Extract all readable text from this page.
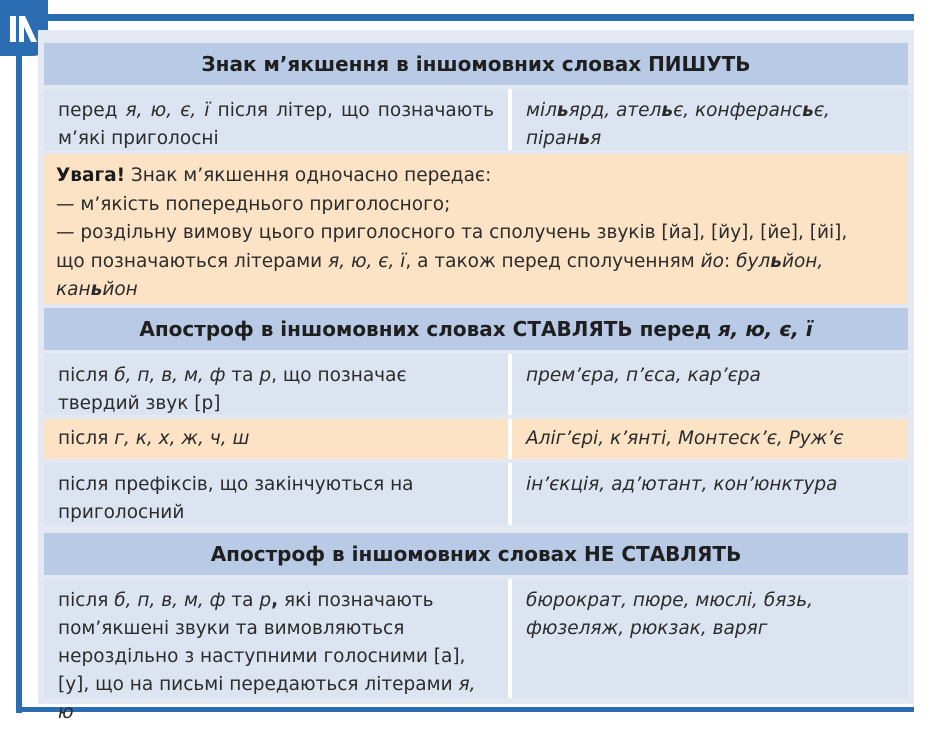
Знак м’якшення в іншомовних словах ПИШУТЬ
перед я, ю, є, ї після літер, що позначають м’які приголосні
мільярд, ательє, конферансьє,
піранья
Увага! Знак м’якшення одночасно передає:
— м’якість попереднього приголосного;
— роздільну вимову цього приголосного та сполучень звуків [йа], [йу], [йе], [йі],
що позначаються літерами я, ю, є, ї, а також перед сполученням йо: бульйон,
каньйон
Апостроф в іншомовних словах СТАВЛЯТЬ перед
я, ю, є, ї
після б, п, в, м, ф та р, що позначає твердий звук [р]
прем’єра, п’єса, кар’єра
після г, к, х, ж, ч, ш	Аліг’єрі, к’янті, Монтеск’є, Руж’є
після префіксів, що закінчуються на приголосний
ін’єкція, ад’ютант, кон’юнктура
Апостроф в іншомовних словах НЕ СТАВЛЯТЬ
після б, п, в, м, ф та р, які позначають пом’якшені звуки та вимовляються нероздільно з наступними голосними [а], [у], що на письмі передаються літерами я, ю
бюрократ, пюре, мюслі, бязь, фюзеляж, рюкзак, варяг
